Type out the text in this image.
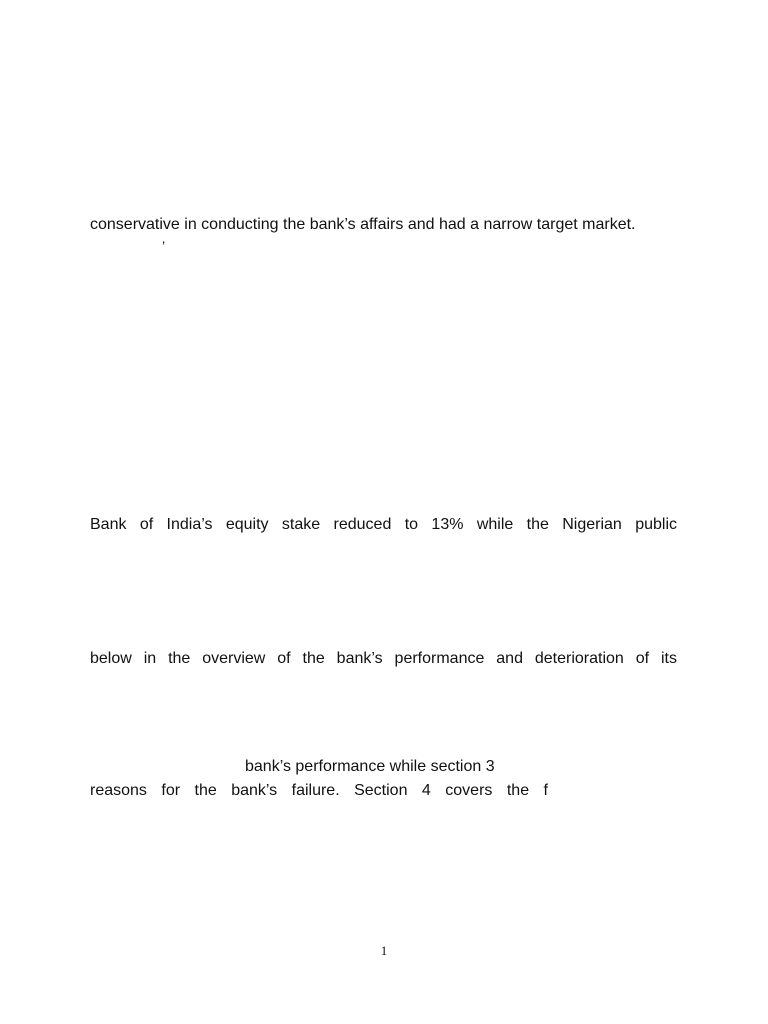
conservative in conducting the bank’s affairs and had a narrow target market.
’
Bank of India’s equity stake reduced to 13% while the Nigerian public
below in the overview of the bank’s performance and deterioration of its
bank’s performance while section 3
reasons for the bank’s failure. Section 4 covers the f
1
